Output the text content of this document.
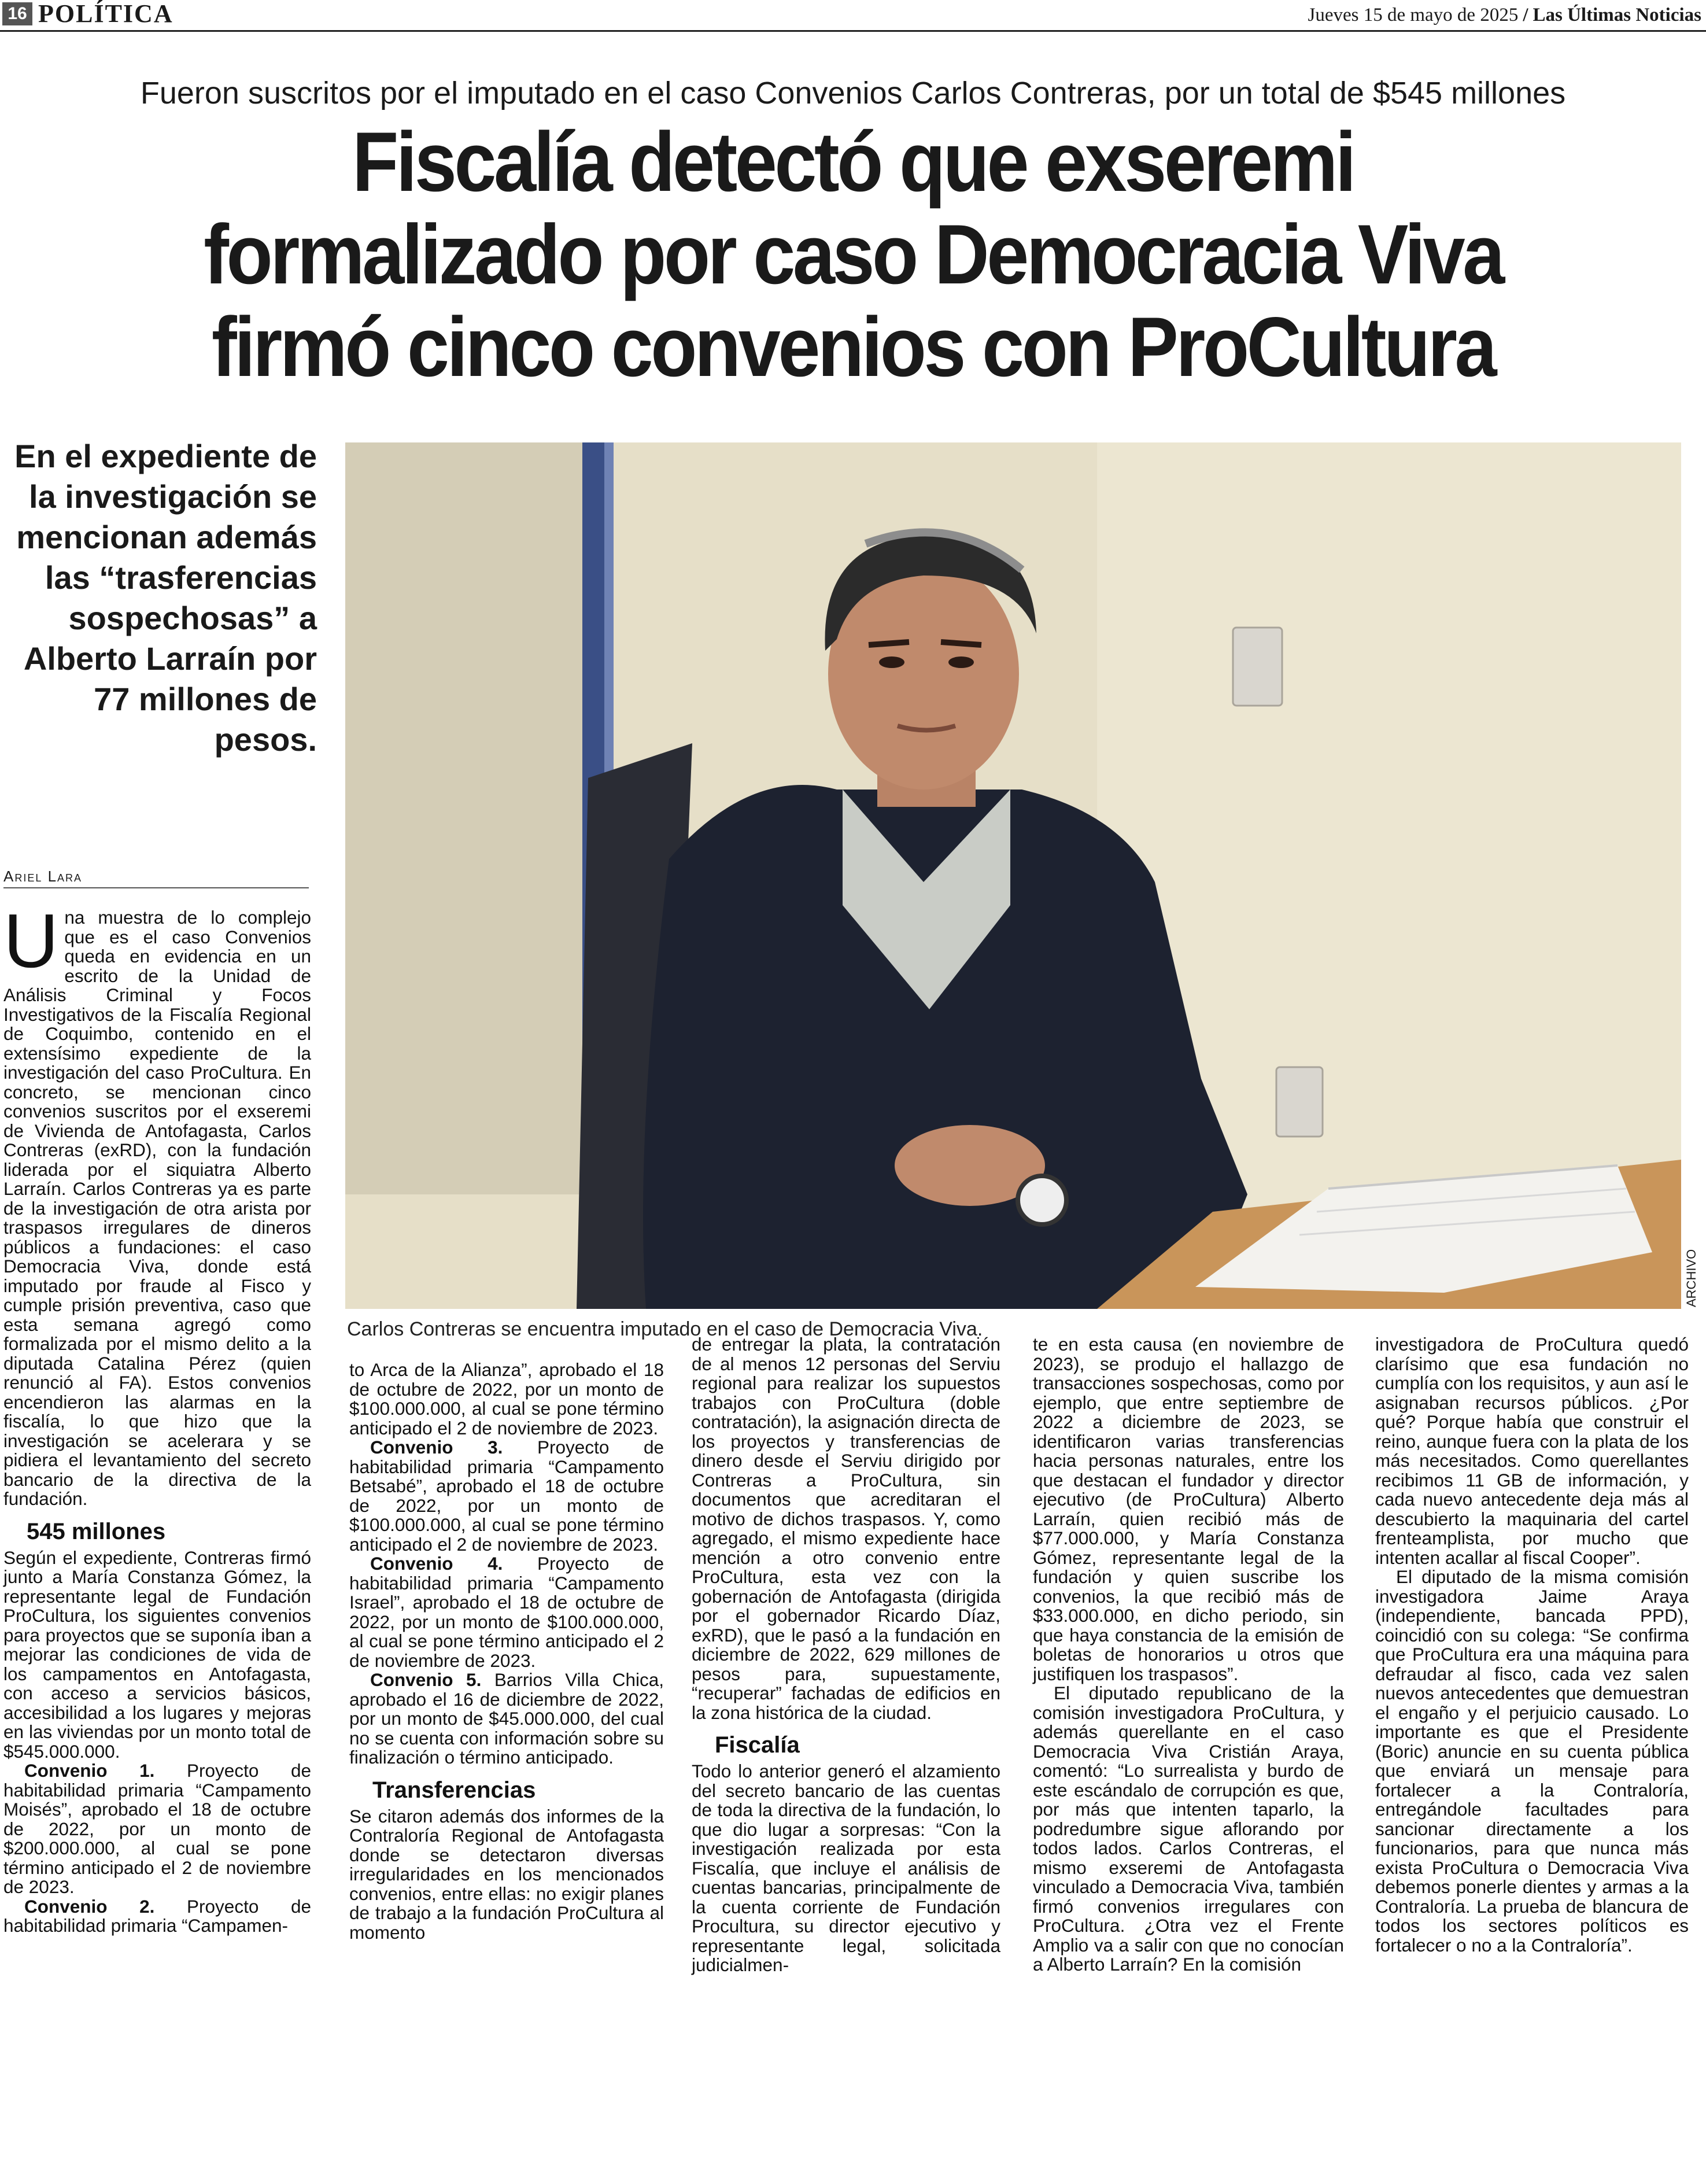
16 POLÍTICA	Jueves 15 de mayo de 2025 / Las Últimas Noticias
Fueron suscritos por el imputado en el caso Convenios Carlos Contreras, por un total de $545 millones
Fiscalía detectó que exseremi
formalizado por caso Democracia Viva
firmó cinco convenios con ProCultura
En el expediente de la investigación se mencionan además las “trasferencias sospechosas” a Alberto Larraín por 77 millones de pesos.
ARCHIVO
Carlos Contreras se encuentra imputado en el caso de Democracia Viva.
Ariel Lara

Una muestra de lo complejo que es el caso Convenios queda en evidencia en un escrito de la Unidad de Análisis Criminal y Focos Investigativos de la Fiscalía Regional de Coquimbo, contenido en el extensísimo expediente de la investigación del caso ProCultura. En concreto, se mencionan cinco convenios suscritos por el exseremi de Vivienda de Antofagasta, Carlos Contreras (exRD), con la fundación liderada por el siquiatra Alberto Larraín. Carlos Contreras ya es parte de la investigación de otra arista por traspasos irregulares de dineros públicos a fundaciones: el caso Democracia Viva, donde está imputado por fraude al Fisco y cumple prisión preventiva, caso que esta semana agregó como formalizada por el mismo delito a la diputada Catalina Pérez (quien renunció al FA). Estos convenios encendieron las alarmas en la fiscalía, lo que hizo que la investigación se acelerara y se pidiera el levantamiento del secreto bancario de la directiva de la fundación.

545 millones

Según el expediente, Contreras firmó junto a María Constanza Gómez, la representante legal de Fundación ProCultura, los siguientes convenios para proyectos que se suponía iban a mejorar las condiciones de vida de los campamentos en Antofagasta, con acceso a servicios básicos, accesibilidad a los lugares y mejoras en las viviendas por un monto total de $545.000.000.

Convenio 1. Proyecto de habitabilidad primaria “Campamento Moisés”, aprobado el 18 de octubre de 2022, por un monto de $200.000.000, al cual se pone término anticipado el 2 de noviembre de 2023.

Convenio 2. Proyecto de habitabilidad primaria “Campamen-

to Arca de la Alianza”, aprobado el 18 de octubre de 2022, por un monto de $100.000.000, al cual se pone término anticipado el 2 de noviembre de 2023.

Convenio 3. Proyecto de habitabilidad primaria “Campamento Betsabé”, aprobado el 18 de octubre de 2022, por un monto de $100.000.000, al cual se pone término anticipado el 2 de noviembre de 2023.

Convenio 4. Proyecto de habitabilidad primaria “Campamento Israel”, aprobado el 18 de octubre de 2022, por un monto de $100.000.000, al cual se pone término anticipado el 2 de noviembre de 2023.

Convenio 5. Barrios Villa Chica, aprobado el 16 de diciembre de 2022, por un monto de $45.000.000, del cual no se cuenta con información sobre su finalización o término anticipado.

Transferencias

Se citaron además dos informes de la Contraloría Regional de Antofagasta donde se detectaron diversas irregularidades en los mencionados convenios, entre ellas: no exigir planes de trabajo a la fundación ProCultura al momento

de entregar la plata, la contratación de al menos 12 personas del Serviu regional para realizar los supuestos trabajos con ProCultura (doble contratación), la asignación directa de los proyectos y transferencias de dinero desde el Serviu dirigido por Contreras a ProCultura, sin documentos que acreditaran el motivo de dichos traspasos. Y, como agregado, el mismo expediente hace mención a otro convenio entre ProCultura, esta vez con la gobernación de Antofagasta (dirigida por el gobernador Ricardo Díaz, exRD), que le pasó a la fundación en diciembre de 2022, 629 millones de pesos para, supuestamente, “recuperar” fachadas de edificios en la zona histórica de la ciudad.

Fiscalía

Todo lo anterior generó el alzamiento del secreto bancario de las cuentas de toda la directiva de la fundación, lo que dio lugar a sorpresas: “Con la investigación realizada por esta Fiscalía, que incluye el análisis de cuentas bancarias, principalmente de la cuenta corriente de Fundación Procultura, su director ejecutivo y representante legal, solicitada judicialmen-

te en esta causa (en noviembre de 2023), se produjo el hallazgo de transacciones sospechosas, como por ejemplo, que entre septiembre de 2022 a diciembre de 2023, se identificaron varias transferencias hacia personas naturales, entre los que destacan el fundador y director ejecutivo (de ProCultura) Alberto Larraín, quien recibió más de $77.000.000, y María Constanza Gómez, representante legal de la fundación y quien suscribe los convenios, la que recibió más de $33.000.000, en dicho periodo, sin que haya constancia de la emisión de boletas de honorarios u otros que justifiquen los traspasos”.

El diputado republicano de la comisión investigadora ProCultura, y además querellante en el caso Democracia Viva Cristián Araya, comentó: “Lo surrealista y burdo de este escándalo de corrupción es que, por más que intenten taparlo, la podredumbre sigue aflorando por todos lados. Carlos Contreras, el mismo exseremi de Antofagasta vinculado a Democracia Viva, también firmó convenios irregulares con ProCultura. ¿Otra vez el Frente Amplio va a salir con que no conocían a Alberto Larraín? En la comisión

investigadora de ProCultura quedó clarísimo que esa fundación no cumplía con los requisitos, y aun así le asignaban recursos públicos. ¿Por qué? Porque había que construir el reino, aunque fuera con la plata de los más necesitados. Como querellantes recibimos 11 GB de información, y cada nuevo antecedente deja más al descubierto la maquinaria del cartel frenteamplista, por mucho que intenten acallar al fiscal Cooper”.

El diputado de la misma comisión investigadora Jaime Araya (independiente, bancada PPD), coincidió con su colega: “Se confirma que ProCultura era una máquina para defraudar al fisco, cada vez salen nuevos antecedentes que demuestran el engaño y el perjuicio causado. Lo importante es que el Presidente (Boric) anuncie en su cuenta pública que enviará un mensaje para fortalecer a la Contraloría, entregándole facultades para sancionar directamente a los funcionarios, para que nunca más exista ProCultura o Democracia Viva debemos ponerle dientes y armas a la Contraloría. La prueba de blancura de todos los sectores políticos es fortalecer o no a la Contraloría”.
